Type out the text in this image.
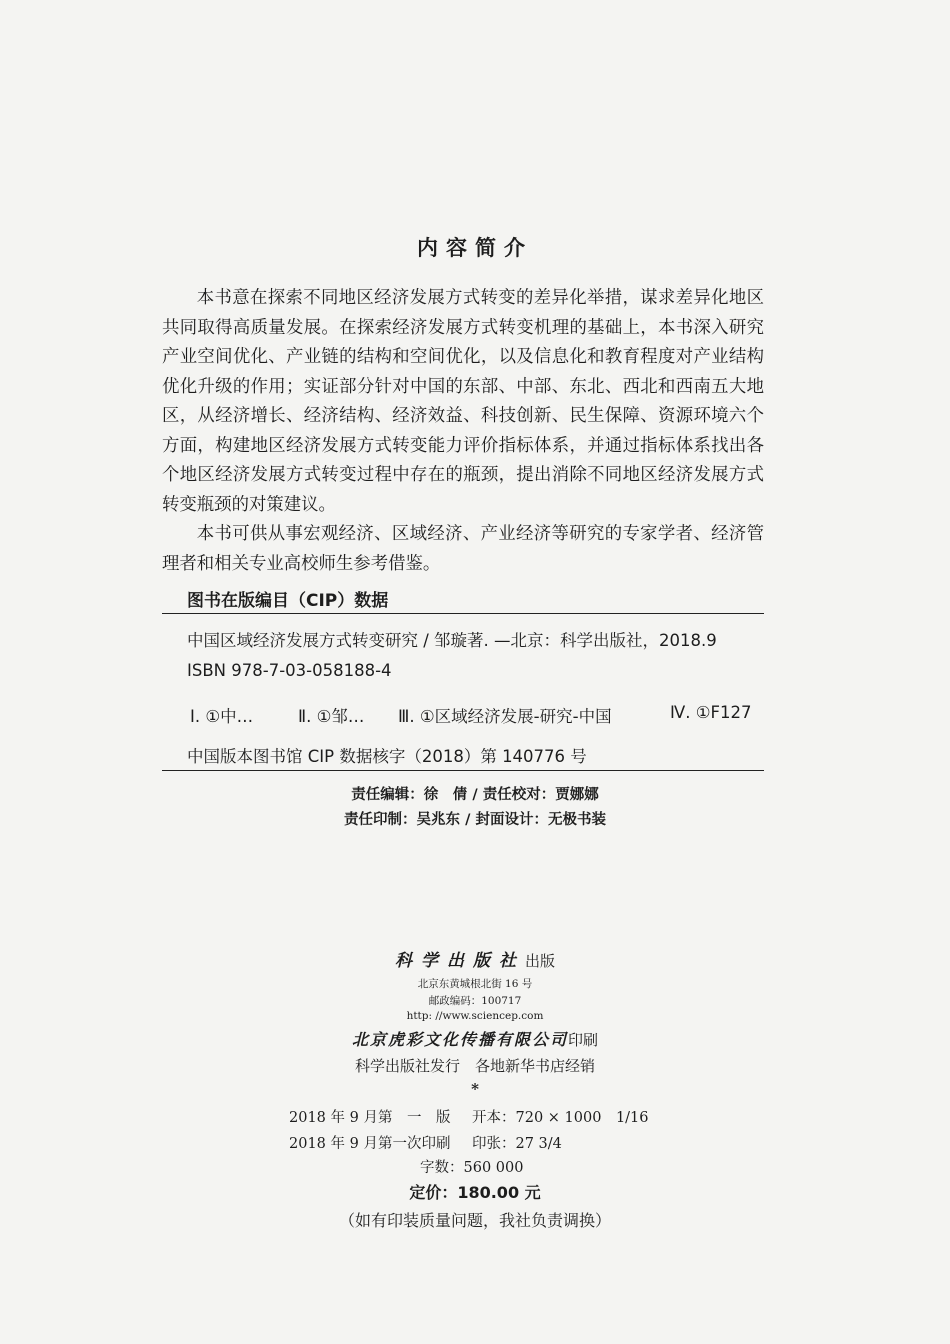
内容简介

本书意在探索不同地区经济发展方式转变的差异化举措，谋求差异化地区共同取得高质量发展。在探索经济发展方式转变机理的基础上，本书深入研究产业空间优化、产业链的结构和空间优化，以及信息化和教育程度对产业结构优化升级的作用；实证部分针对中国的东部、中部、东北、西北和西南五大地区，从经济增长、经济结构、经济效益、科技创新、民生保障、资源环境六个方面，构建地区经济发展方式转变能力评价指标体系，并通过指标体系找出各个地区经济发展方式转变过程中存在的瓶颈，提出消除不同地区经济发展方式转变瓶颈的对策建议。

本书可供从事宏观经济、区域经济、产业经济等研究的专家学者、经济管理者和相关专业高校师生参考借鉴。

图书在版编目（CIP）数据
中国区域经济发展方式转变研究 / 邹璇著. —北京：科学出版社，2018.9
ISBN 978-7-03-058188-4
Ⅰ. ①中…	Ⅱ. ①邹… Ⅲ. ①区域经济发展-研究-中国	Ⅳ. ①F127
中国版本图书馆 CIP 数据核字（2018）第 140776 号
责任编辑：徐　倩 / 责任校对：贾娜娜
责任印制：吴兆东 / 封面设计：无极书装
科学出版社出版
北京东黄城根北街 16 号
邮政编码：100717
http: //www.sciencep.com
北京虎彩文化传播有限公司印刷
科学出版社发行　各地新华书店经销
*
2018 年 9 月第　一　版 开本：720 × 1000　1/16
2018 年 9 月第一次印刷 印张：27 3/4
字数：560 000
定价：180.00 元
（如有印装质量问题，我社负责调换）
